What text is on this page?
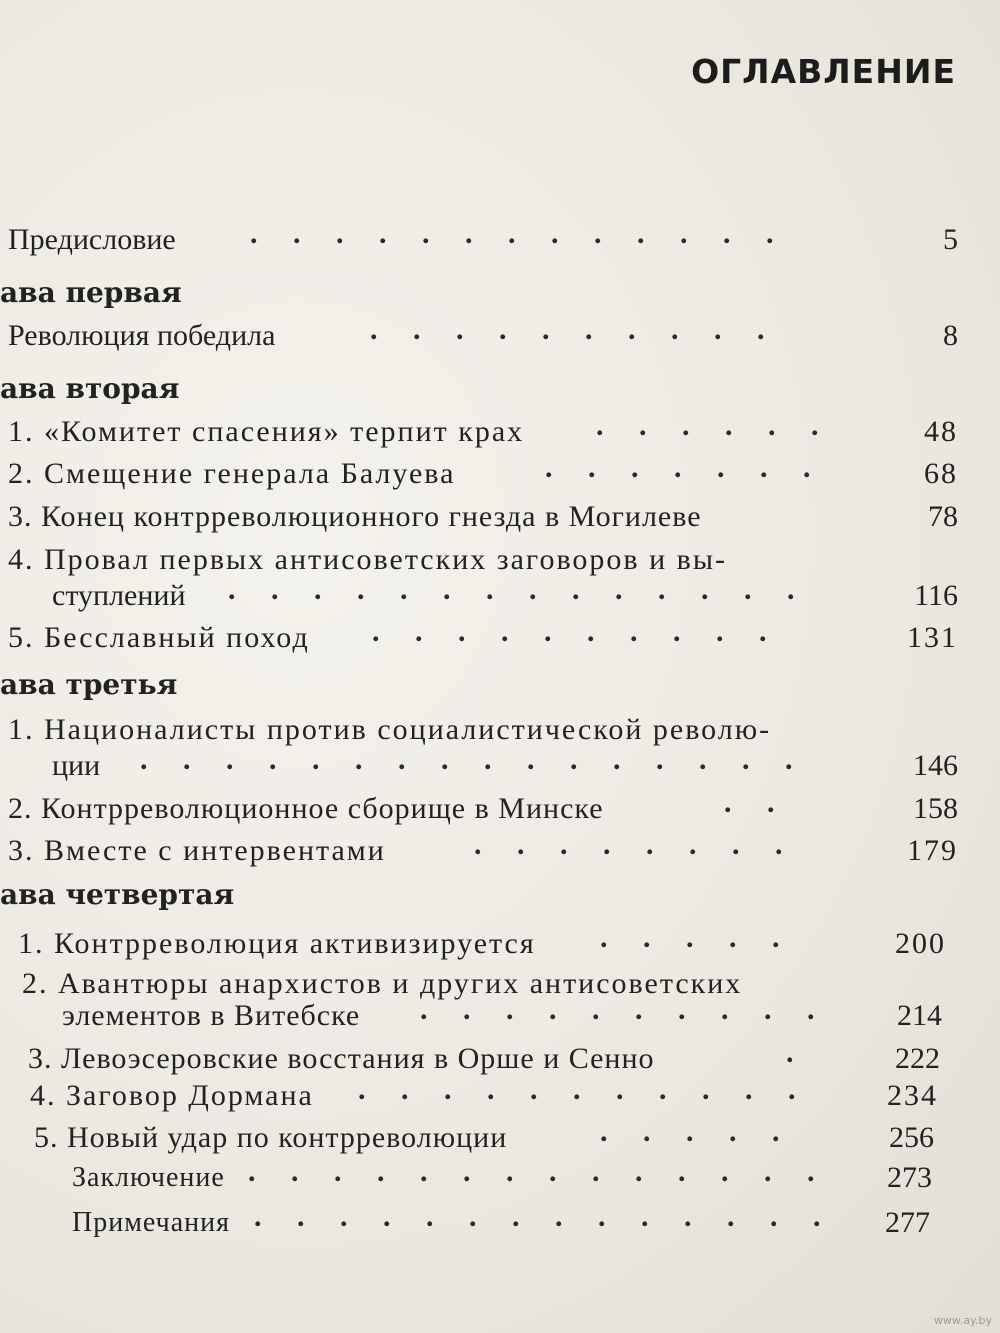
ОГЛАВЛЕНИЕ
Предисловие . . . . . . . . . . . . .	5
ава первая
Революция победила	. . . . . . . . . .	8
ава вторая
1. «Комитет спасения» терпит крах . . . . . .	48
2. Смещение генерала Балуева	. . . . . . .	68
3. Конец контрреволюционного гнезда в Могилеве	78
4. Провал первых антисоветских заговоров и вы-
ступлений . . . . . . . . . . . . . .	116
5. Бесславный поход . . . . . . . . . .	131
ава третья
1. Националисты против социалистической револю-
ции . . . . . . . . . . . . . . . .	146
2. Контрреволюционное сборище в Минске	. .	158
3. Вместе с интервентами	. . . . . . . .	179
ава четвертая
1. Контрреволюция активизируется . . . . .	200
2. Авантюры анархистов и других антисоветских
элементов в Витебске . . . . . . . . . .	214
3. Левоэсеровские восстания в Орше и Сенно	.	222
4. Заговор Дормана . . . . . . . . . . .	234
5. Новый удар по контрреволюции	. . . . .	256
Заключение . . . . . . . . . . . . . .	273
Примечания . . . . . . . . . . . . . .	277
www.ay.by
